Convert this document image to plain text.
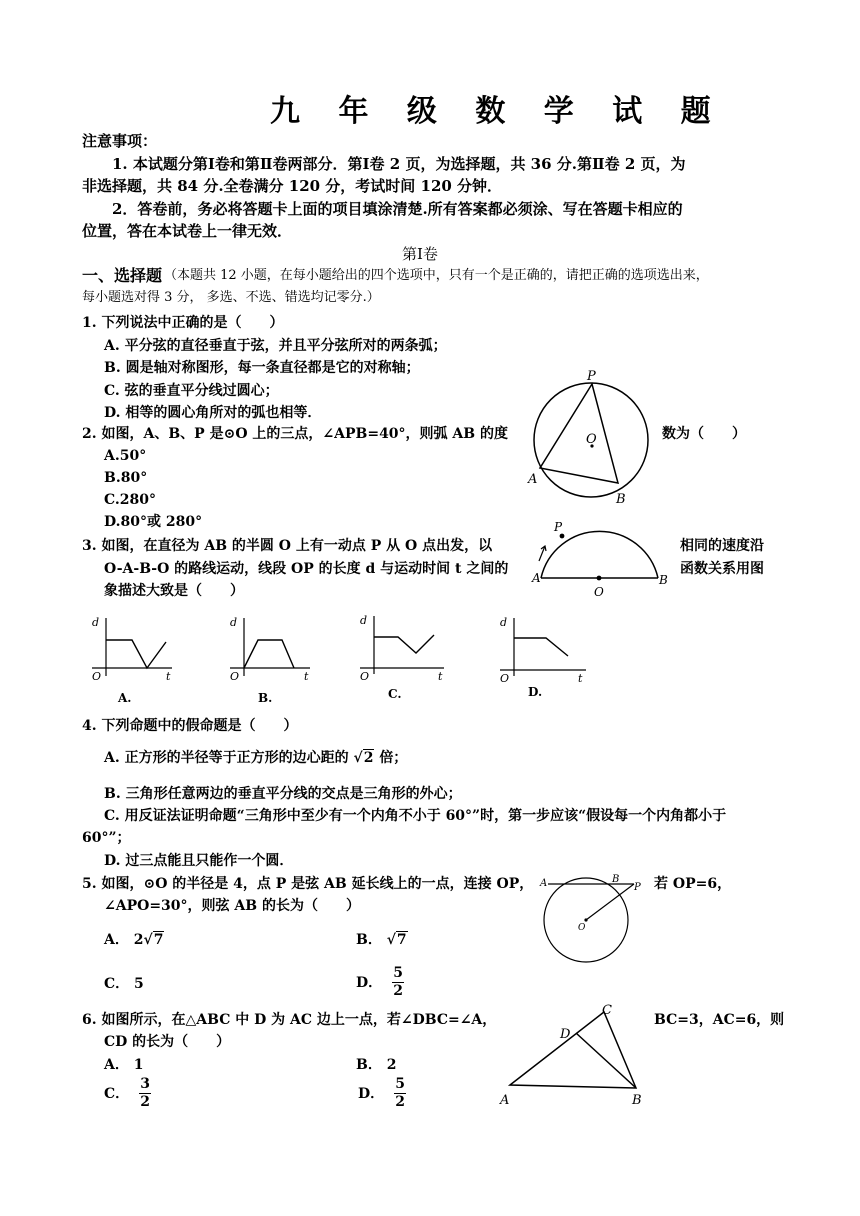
九 年 级 数 学 试 题
注意事项：
1. 本试题分第Ⅰ卷和第Ⅱ卷两部分．第Ⅰ卷 2 页，为选择题，共 36 分.第Ⅱ卷 2 页，为
非选择题，共 84 分.全卷满分 120 分，考试时间 120 分钟．
2．答卷前，务必将答题卡上面的项目填涂清楚.所有答案都必须涂、写在答题卡相应的
位置，答在本试卷上一律无效．
第Ⅰ卷
一、选择题 （本题共 12 小题，在每小题给出的四个选项中，只有一个是正确的，请把正确的选项选出来，
每小题选对得 3 分， 多选、不选、错选均记零分.）
1. 下列说法中正确的是（　　）
A. 平分弦的直径垂直于弦，并且平分弦所对的两条弧；
B. 圆是轴对称图形，每一条直径都是它的对称轴；
C. 弦的垂直平分线过圆心；
D. 相等的圆心角所对的弧也相等．
2. 如图，A、B、P 是⊙O 上的三点，∠APB=40°，则弧 AB 的度	数为（　　）
A.50°
B.80°
C.280°
D.80°或 280°
P
O
A
B
3. 如图，在直径为 AB 的半圆 O 上有一动点 P 从 O 点出发，以	相同的速度沿
O-A-B-O 的路线运动，线段 OP 的长度 d 与运动时间 t 之间的	函数关系用图
象描述大致是（　　）
P
A
O
B
d
O	t
A.
d
O	t
B.
d
O	t
C.
d
O	t
D.
4. 下列命题中的假命题是（　　）
A. 正方形的半径等于正方形的边心距的 √2 倍；
B. 三角形任意两边的垂直平分线的交点是三角形的外心；
C. 用反证法证明命题“三角形中至少有一个内角不小于 60°”时，第一步应该“假设每一个内角都小于
60°”；
D. 过三点能且只能作一个圆．
5. 如图，⊙O 的半径是 4，点 P 是弦 AB 延长线上的一点，连接 OP，	若 OP=6，
∠APO=30°，则弦 AB 的长为（　　）
A． 2√7	B． √7
C． 5	D． $\frac{5}{2}$
A	B
P
O
6. 如图所示，在△ABC 中 D 为 AC 边上一点，若∠DBC=∠A，	BC=3，AC=6，则
CD 的长为（　　）
A． 1	B． 2
C． $\frac{3}{2}$	D． $\frac{5}{2}$	A	B
C
D
